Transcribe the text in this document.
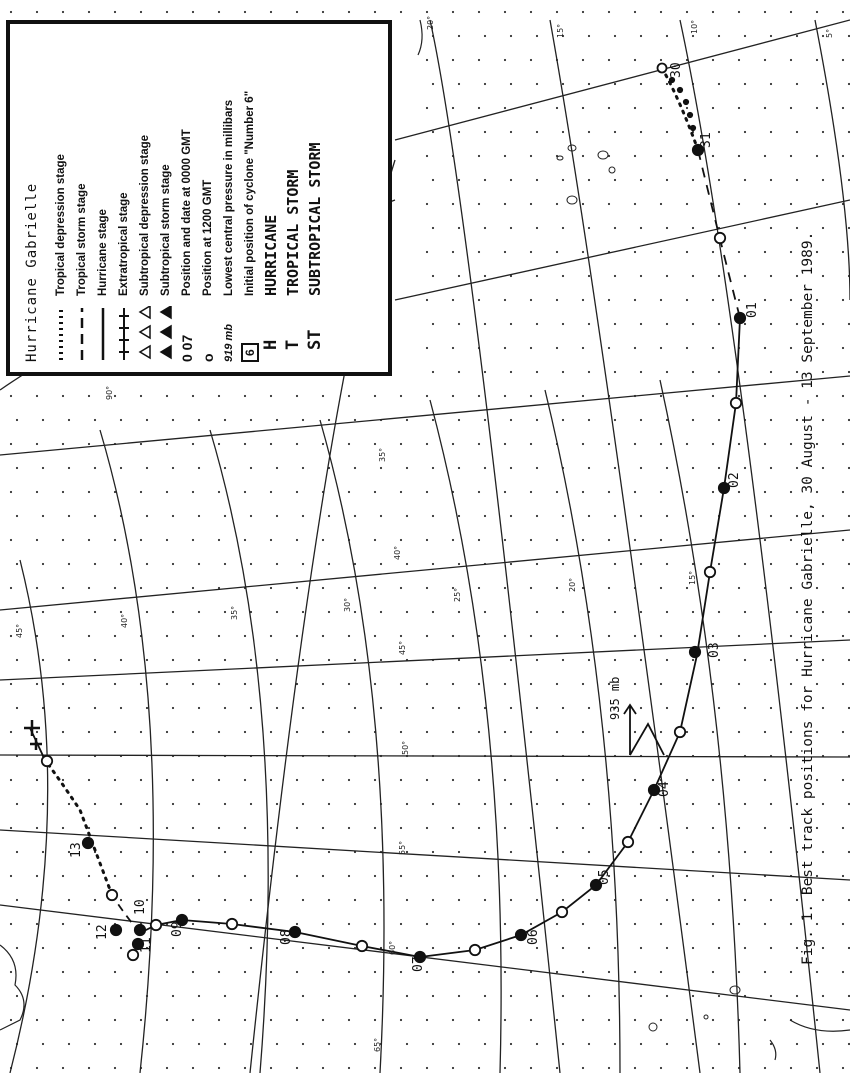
45°
40°
35°
30°
25°
20°	15°
35°
40°
45°
50°
55°
60°
65°
20°
15°	10°	5°
90°
30
31
01
02
03
04
05
06
07
08
09
10
11
12
13
Hurricane Gabrielle Tropical depression stage Tropical storm stage Hurricane stage Extratropical stage Subtropical depression stage Subtropical storm stage
0 07
Position and date at 0000 GMT
o
Position at 1200 GMT
919 mb
Lowest central pressure in millibars
6
Initial position of cyclone "Number 6"
H
HURRICANE
T
TROPICAL STORM
ST
SUBTROPICAL STORM
935 mb	Fig. 1. Best track positions for Hurricane Gabrielle, 30 August - 13 September 1989.
